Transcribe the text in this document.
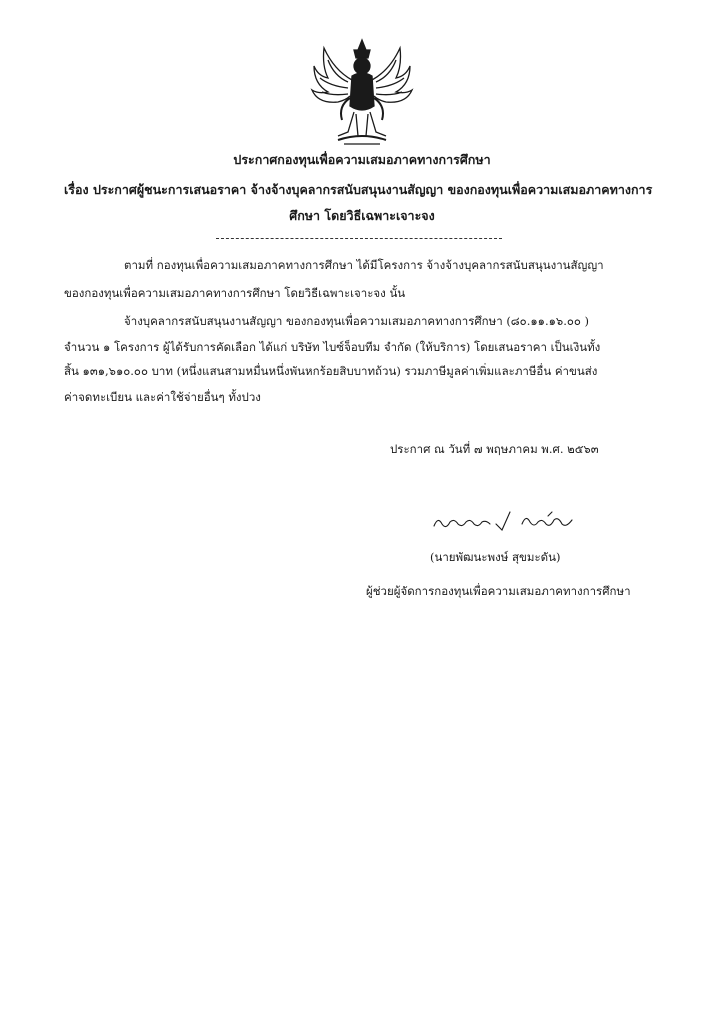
ประกาศกองทุนเพื่อความเสมอภาคทางการศึกษา
เรื่อง ประกาศผู้ชนะการเสนอราคา จ้างจ้างบุคลากรสนับสนุนงานสัญญา ของกองทุนเพื่อความเสมอภาคทางการ
ศึกษา โดยวิธีเฉพาะเจาะจง
ตามที่ กองทุนเพื่อความเสมอภาคทางการศึกษา ได้มีโครงการ จ้างจ้างบุคลากรสนับสนุนงานสัญญา
ของกองทุนเพื่อความเสมอภาคทางการศึกษา โดยวิธีเฉพาะเจาะจง นั้น
จ้างบุคลากรสนับสนุนงานสัญญา ของกองทุนเพื่อความเสมอภาคทางการศึกษา (๘๐.๑๑.๑๖.๐๐ )
จำนวน ๑ โครงการ ผู้ได้รับการคัดเลือก ได้แก่ บริษัท ไบซ์จ็อบทีม จำกัด (ให้บริการ) โดยเสนอราคา เป็นเงินทั้ง
สิ้น ๑๓๑,๖๑๐.๐๐ บาท (หนึ่งแสนสามหมื่นหนึ่งพันหกร้อยสิบบาทถ้วน) รวมภาษีมูลค่าเพิ่มและภาษีอื่น ค่าขนส่ง
ค่าจดทะเบียน และค่าใช้จ่ายอื่นๆ ทั้งปวง
ประกาศ ณ วันที่ ๗ พฤษภาคม พ.ศ. ๒๕๖๓
(นายพัฒนะพงษ์ สุขมะดัน)
ผู้ช่วยผู้จัดการกองทุนเพื่อความเสมอภาคทางการศึกษา
